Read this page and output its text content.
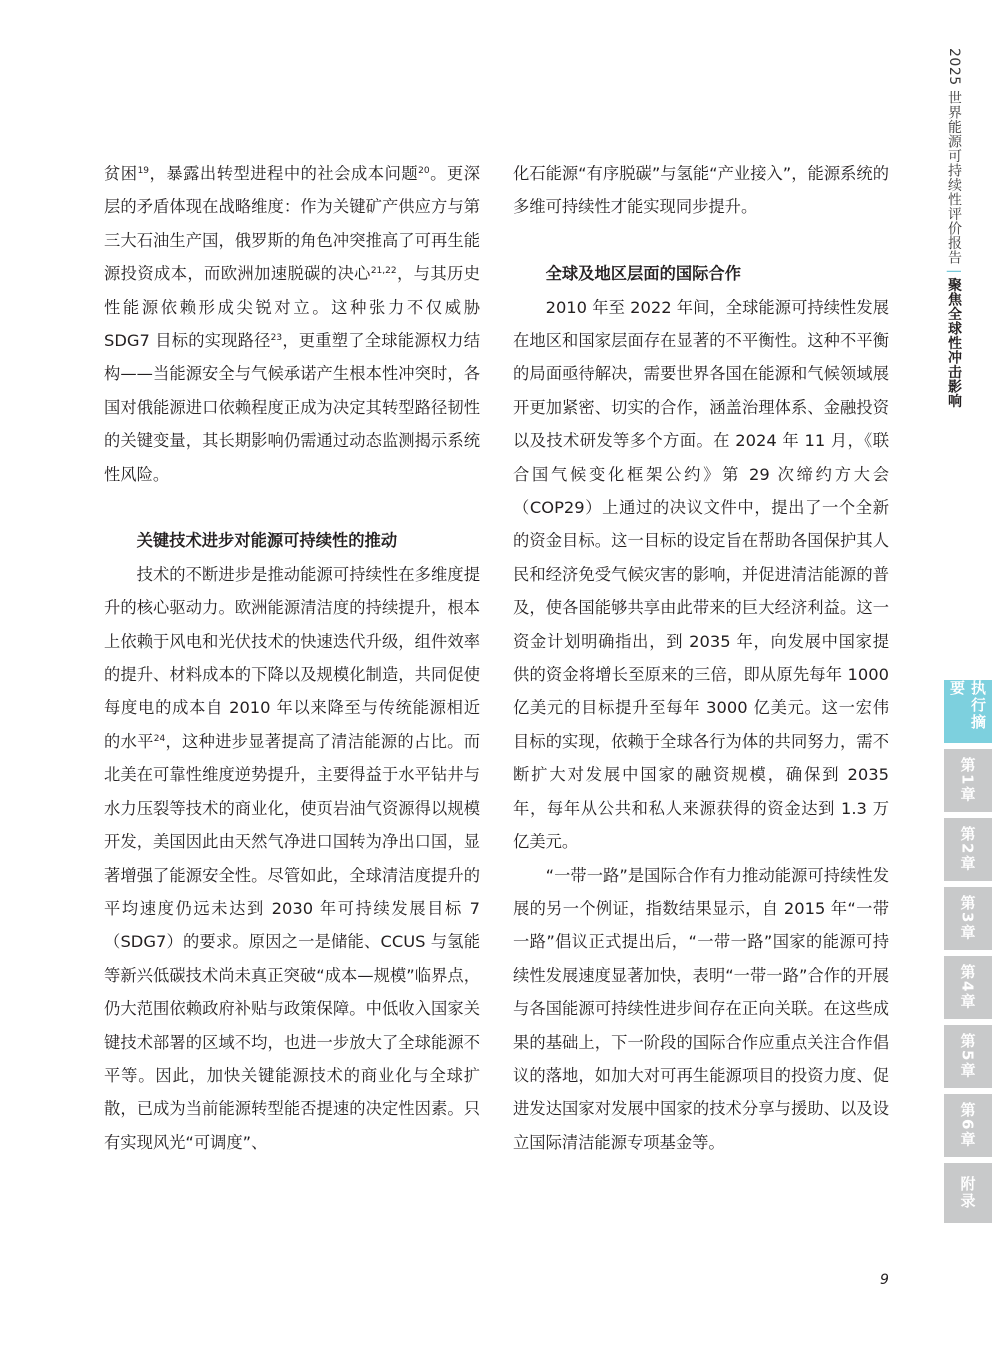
2025 世界能源可持续性评价报告|聚焦全球性冲击影响

贫困$^{19}$，暴露出转型进程中的社会成本问题$^{20}$。更深层的矛盾体现在战略维度：作为关键矿产供应方与第三大石油生产国，俄罗斯的角色冲突推高了可再生能源投资成本，而欧洲加速脱碳的决心$^{21,22}$，与其历史性能源依赖形成尖锐对立。这种张力不仅威胁 SDG7 目标的实现路径$^{23}$，更重塑了全球能源权力结构——当能源安全与气候承诺产生根本性冲突时，各国对俄能源进口依赖程度正成为决定其转型路径韧性的关键变量，其长期影响仍需通过动态监测揭示系统性风险。

关键技术进步对能源可持续性的推动

技术的不断进步是推动能源可持续性在多维度提升的核心驱动力。欧洲能源清洁度的持续提升，根本上依赖于风电和光伏技术的快速迭代升级，组件效率的提升、材料成本的下降以及规模化制造，共同促使每度电的成本自 2010 年以来降至与传统能源相近的水平$^{24}$，这种进步显著提高了清洁能源的占比。而北美在可靠性维度逆势提升，主要得益于水平钻井与水力压裂等技术的商业化，使页岩油气资源得以规模开发，美国因此由天然气净进口国转为净出口国，显著增强了能源安全性。尽管如此，全球清洁度提升的平均速度仍远未达到 2030 年可持续发展目标 7（SDG7）的要求。原因之一是储能、CCUS 与氢能等新兴低碳技术尚未真正突破“成本—规模”临界点，仍大范围依赖政府补贴与政策保障。中低收入国家关键技术部署的区域不均，也进一步放大了全球能源不平等。因此，加快关键能源技术的商业化与全球扩散，已成为当前能源转型能否提速的决定性因素。只有实现风光“可调度”、

化石能源“有序脱碳”与氢能“产业接入”，能源系统的多维可持续性才能实现同步提升。

全球及地区层面的国际合作

2010 年至 2022 年间，全球能源可持续性发展在地区和国家层面存在显著的不平衡性。这种不平衡的局面亟待解决，需要世界各国在能源和气候领域展开更加紧密、切实的合作，涵盖治理体系、金融投资以及技术研发等多个方面。在 2024 年 11 月，《联合国气候变化框架公约》第 29 次缔约方大会（COP29）上通过的决议文件中，提出了一个全新的资金目标。这一目标的设定旨在帮助各国保护其人民和经济免受气候灾害的影响，并促进清洁能源的普及，使各国能够共享由此带来的巨大经济利益。这一资金计划明确指出，到 2035 年，向发展中国家提供的资金将增长至原来的三倍，即从原先每年 1000 亿美元的目标提升至每年 3000 亿美元。这一宏伟目标的实现，依赖于全球各行为体的共同努力，需不断扩大对发展中国家的融资规模，确保到 2035 年，每年从公共和私人来源获得的资金达到 1.3 万亿美元。

“一带一路”是国际合作有力推动能源可持续性发展的另一个例证，指数结果显示，自 2015 年“一带一路”倡议正式提出后，“一带一路”国家的能源可持续性发展速度显著加快，表明“一带一路”合作的开展与各国能源可持续性进步间存在正向关联。在这些成果的基础上，下一阶段的国际合作应重点关注合作倡议的落地，如加大对可再生能源项目的投资力度、促进发达国家对发展中国家的技术分享与援助、以及设立国际清洁能源专项基金等。

执行摘要
第1章
第2章
第3章
第4章
第5章
第6章
附录
9
